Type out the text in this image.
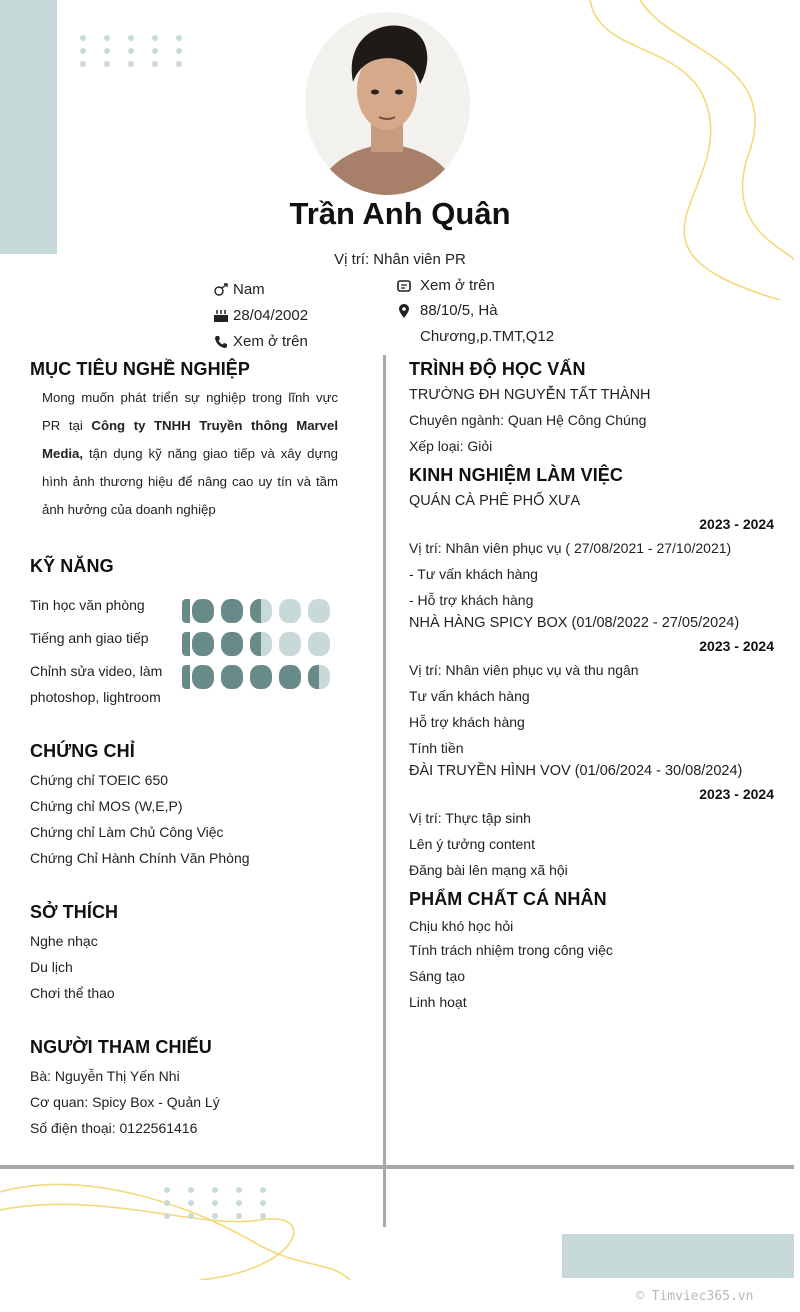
Trần Anh Quân
Vị trí: Nhân viên PR
Nam
28/04/2002
Xem ở trên
Xem ở trên
88/10/5, Hà
Chương,p.TMT,Q12
MỤC TIÊU NGHỀ NGHIỆP
Mong muốn phát triển sự nghiệp trong lĩnh vực PR tại Công ty TNHH Truyền thông Marvel Media, tận dụng kỹ năng giao tiếp và xây dựng hình ảnh thương hiệu để nâng cao uy tín và tầm ảnh hưởng của doanh nghiệp
KỸ NĂNG
Tin học văn phòng
Tiếng anh giao tiếp
Chỉnh sửa video, làm
photoshop, lightroom
CHỨNG CHỈ
Chứng chỉ TOEIC 650
Chứng chỉ MOS (W,E,P)
Chứng chỉ Làm Chủ Công Việc
Chứng Chỉ Hành Chính Văn Phòng
SỞ THÍCH
Nghe nhạc
Du lịch
Chơi thể thao
NGƯỜI THAM CHIẾU
Bà: Nguyễn Thị Yến Nhi
Cơ quan: Spicy Box - Quản Lý
Số điện thoại: 0122561416
TRÌNH ĐỘ HỌC VẤN
TRƯỜNG ĐH NGUYỄN TẤT THÀNH
Chuyên ngành: Quan Hệ Công Chúng
Xếp loại: Giỏi
KINH NGHIỆM LÀM VIỆC
QUÁN CÀ PHÊ PHỐ XƯA
2023 - 2024
Vị trí: Nhân viên phục vụ ( 27/08/2021 - 27/10/2021)
- Tư vấn khách hàng
- Hỗ trợ khách hàng
NHÀ HÀNG SPICY BOX (01/08/2022 - 27/05/2024)
2023 - 2024
Vị trí: Nhân viên phục vụ và thu ngân
Tư vấn khách hàng
Hỗ trợ khách hàng
Tính tiền
ĐÀI TRUYỀN HÌNH VOV (01/06/2024 - 30/08/2024)
2023 - 2024
Vị trí: Thực tập sinh
Lên ý tưởng content
Đăng bài lên mạng xã hội
PHẨM CHẤT CÁ NHÂN
Chịu khó học hỏi
Tính trách nhiệm trong công việc
Sáng tạo
Linh hoạt
© Timviec365.vn
